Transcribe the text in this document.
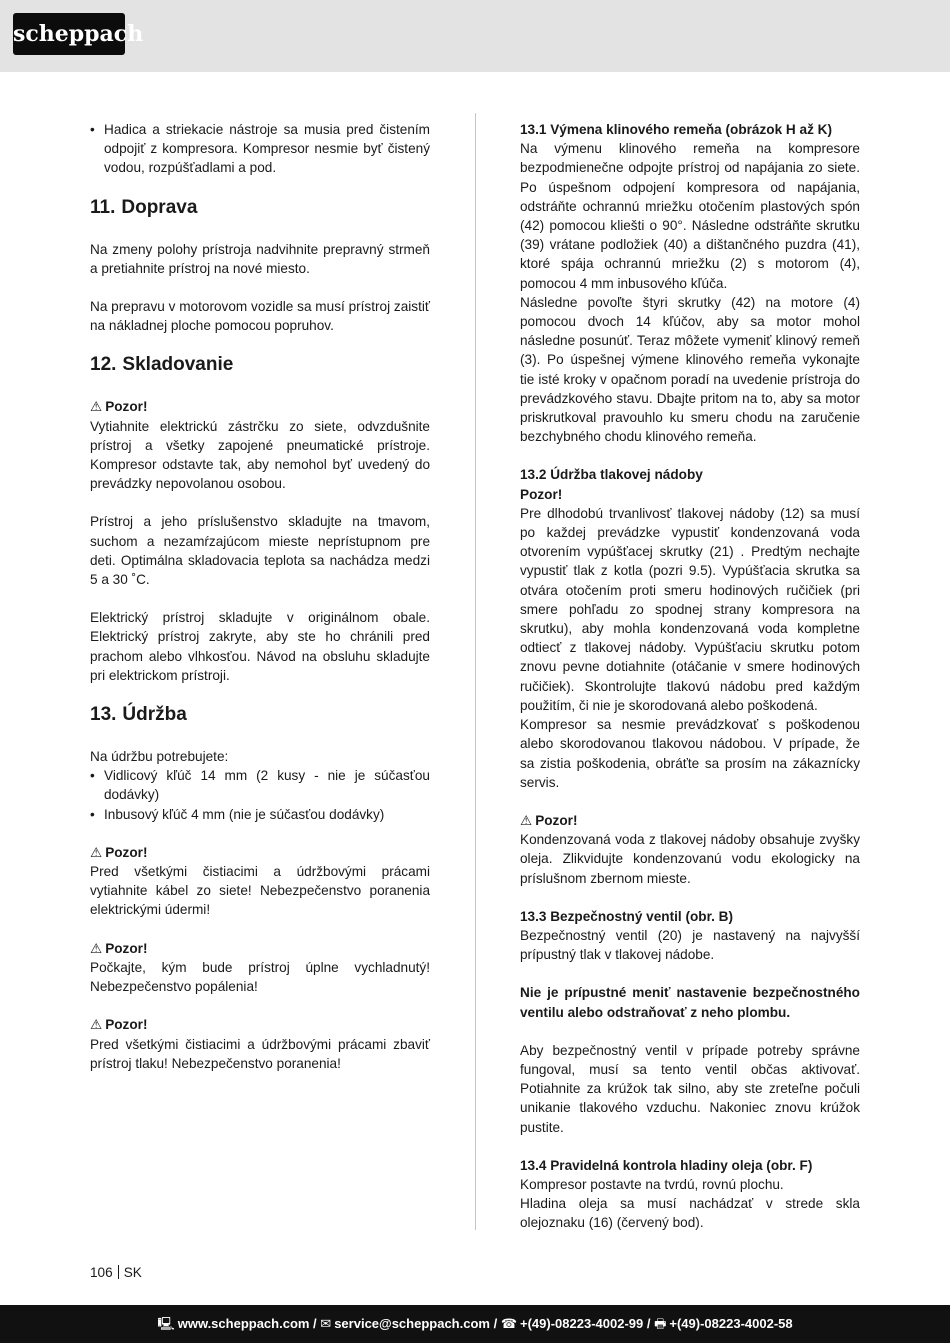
scheppach

• Hadica a striekacie nástroje sa musia pred čistením odpojiť z kompresora. Kompresor nesmie byť čistený vodou, rozpúšťadlami a pod.

11. Doprava

Na zmeny polohy prístroja nadvihnite prepravný strmeň a pretiahnite prístroj na nové miesto.

Na prepravu v motorovom vozidle sa musí prístroj zaistiť na nákladnej ploche pomocou popruhov.

12. Skladovanie

⚠ Pozor!

Vytiahnite elektrickú zástrčku zo siete, odvzdušnite prístroj a všetky zapojené pneumatické prístroje. Kompresor odstavte tak, aby nemohol byť uvedený do prevádzky nepovolanou osobou.

Prístroj a jeho príslušenstvo skladujte na tmavom, suchom a nezamŕzajúcom mieste neprístupnom pre deti. Optimálna skladovacia teplota sa nachádza medzi 5 a 30 ˚C.

Elektrický prístroj skladujte v originálnom obale. Elektrický prístroj zakryte, aby ste ho chránili pred prachom alebo vlhkosťou. Návod na obsluhu skladujte pri elektrickom prístroji.

13. Údržba

Na údržbu potrebujete:

• Vidlicový kľúč 14 mm (2 kusy - nie je súčasťou dodávky)

• Inbusový kľúč 4 mm (nie je súčasťou dodávky)

⚠ Pozor!

Pred všetkými čistiacimi a údržbovými prácami vytiahnite kábel zo siete! Nebezpečenstvo poranenia elektrickými údermi!

⚠ Pozor!

Počkajte, kým bude prístroj úplne vychladnutý! Nebezpečenstvo popálenia!

⚠ Pozor!

Pred všetkými čistiacimi a údržbovými prácami zbaviť prístroj tlaku! Nebezpečenstvo poranenia!

13.1 Výmena klinového remeňa (obrázok H až K)

Na výmenu klinového remeňa na kompresore bezpodmienečne odpojte prístroj od napájania zo siete. Po úspešnom odpojení kompresora od napájania, odstráňte ochrannú mriežku otočením plastových spón (42) pomocou kliešti o 90°. Následne odstráňte skrutku (39) vrátane podložiek (40) a dištančného puzdra (41), ktoré spája ochrannú mriežku (2) s motorom (4), pomocou 4 mm inbusového kľúča.

Následne povoľte štyri skrutky (42) na motore (4) pomocou dvoch 14 kľúčov, aby sa motor mohol následne posunúť. Teraz môžete vymeniť klinový remeň (3). Po úspešnej výmene klinového remeňa vykonajte tie isté kroky v opačnom poradí na uvedenie prístroja do prevádzkového stavu. Dbajte pritom na to, aby sa motor priskrutkoval pravouhlo ku smeru chodu na zaručenie bezchybného chodu klinového remeňa.

13.2 Údržba tlakovej nádoby

Pozor!

Pre dlhodobú trvanlivosť tlakovej nádoby (12) sa musí po každej prevádzke vypustiť kondenzovaná voda otvorením vypúšťacej skrutky (21) . Predtým nechajte vypustiť tlak z kotla (pozri 9.5). Vypúšťacia skrutka sa otvára otočením proti smeru hodinových ručičiek (pri smere pohľadu zo spodnej strany kompresora na skrutku), aby mohla kondenzovaná voda kompletne odtiecť z tlakovej nádoby. Vypúšťaciu skrutku potom znovu pevne dotiahnite (otáčanie v smere hodinových ručičiek). Skontrolujte tlakovú nádobu pred každým použitím, či nie je skorodovaná alebo poškodená.

Kompresor sa nesmie prevádzkovať s poškodenou alebo skorodovanou tlakovou nádobou. V prípade, že sa zistia poškodenia, obráťte sa prosím na zákaznícky servis.

⚠ Pozor!

Kondenzovaná voda z tlakovej nádoby obsahuje zvyšky oleja. Zlikvidujte kondenzovanú vodu ekologicky na príslušnom zbernom mieste.

13.3 Bezpečnostný ventil (obr. B)

Bezpečnostný ventil (20) je nastavený na najvyšší prípustný tlak v tlakovej nádobe.

Nie je prípustné meniť nastavenie bezpečnostného ventilu alebo odstraňovať z neho plombu.

Aby bezpečnostný ventil v prípade potreby správne fungoval, musí sa tento ventil občas aktivovať. Potiahnite za krúžok tak silno, aby ste zreteľne počuli unikanie tlakového vzduchu. Nakoniec znovu krúžok pustite.

13.4 Pravidelná kontrola hladiny oleja (obr. F)

Kompresor postavte na tvrdú, rovnú plochu.

Hladina oleja sa musí nachádzať v strede skla olejoznaku (16) (červený bod).

106 SK
🖳 www.scheppach.com / ✉ service@scheppach.com / ☎ +(49)-08223-4002-99 / 🖶 +(49)-08223-4002-58
